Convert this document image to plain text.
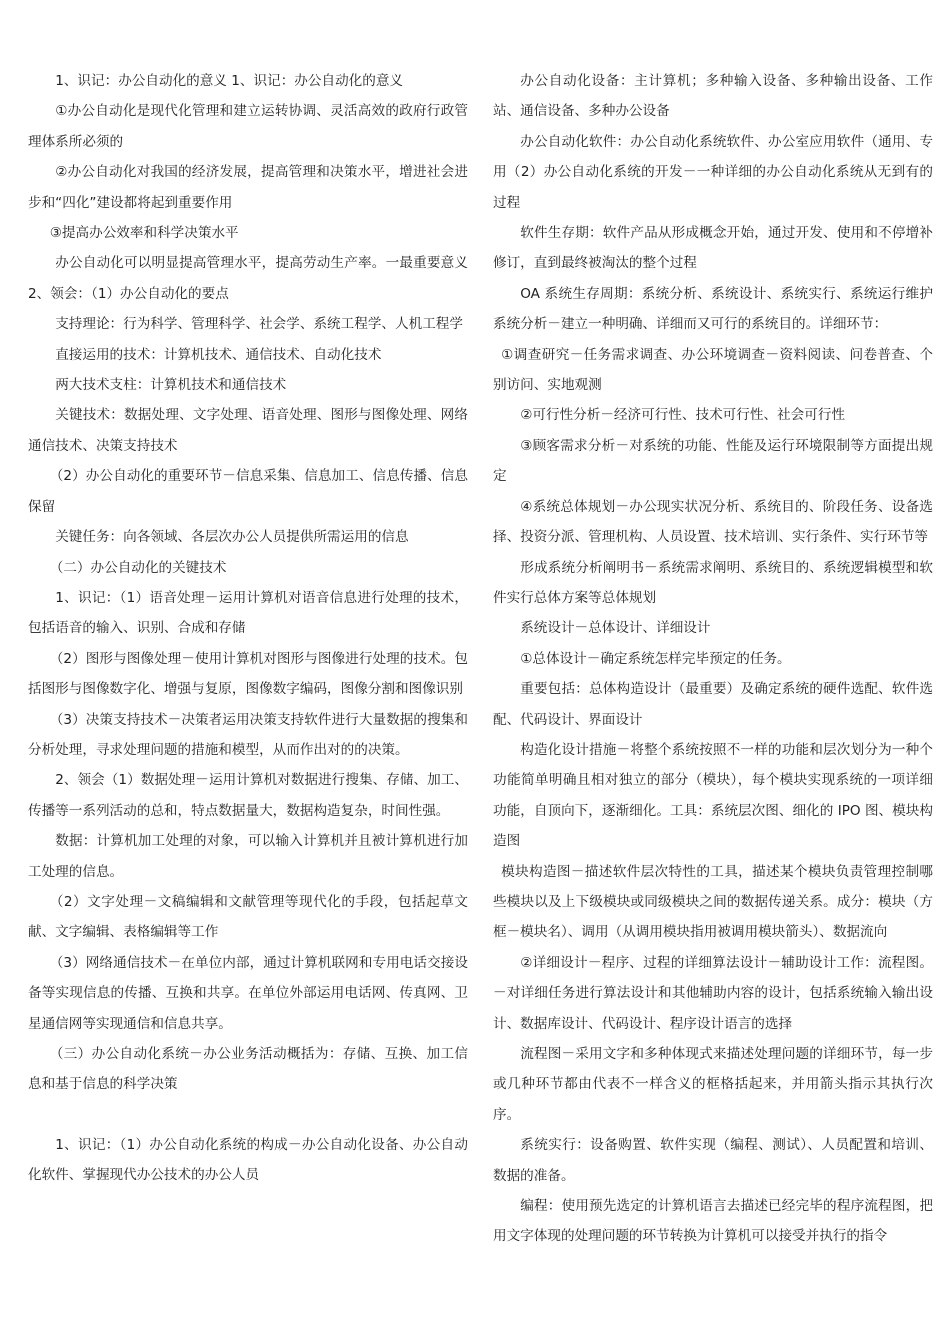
1、识记：办公自动化的意义 1、识记：办公自动化的意义

①办公自动化是现代化管理和建立运转协调、灵活高效的政府行政管理体系所必须的

②办公自动化对我国的经济发展，提高管理和决策水平，增进社会进步和“四化”建设都将起到重要作用

③提高办公效率和科学决策水平

办公自动化可以明显提高管理水平，提高劳动生产率。一最重要意义 2、领会：（1）办公自动化的要点

支持理论：行为科学、管理科学、社会学、系统工程学、人机工程学

直接运用的技术：计算机技术、通信技术、自动化技术

两大技术支柱：计算机技术和通信技术

关键技术：数据处理、文字处理、语音处理、图形与图像处理、网络通信技术、决策支持技术

（2）办公自动化的重要环节－信息采集、信息加工、信息传播、信息保留

关键任务：向各领域、各层次办公人员提供所需运用的信息

（二）办公自动化的关键技术

1、识记：（1）语音处理－运用计算机对语音信息进行处理的技术，包括语音的输入、识别、合成和存储

（2）图形与图像处理－使用计算机对图形与图像进行处理的技术。包括图形与图像数字化、增强与复原，图像数字编码，图像分割和图像识别

（3）决策支持技术－决策者运用决策支持软件进行大量数据的搜集和分析处理，寻求处理问题的措施和模型，从而作出对的的决策。

2、领会（1）数据处理－运用计算机对数据进行搜集、存储、加工、传播等一系列活动的总和，特点数据量大，数据构造复杂，时间性强。

数据：计算机加工处理的对象，可以输入计算机并且被计算机进行加工处理的信息。

（2）文字处理－文稿编辑和文献管理等现代化的手段，包括起草文献、文字编辑、表格编辑等工作

（3）网络通信技术－在单位内部，通过计算机联网和专用电话交接设备等实现信息的传播、互换和共享。在单位外部运用电话网、传真网、卫星通信网等实现通信和信息共享。

（三）办公自动化系统－办公业务活动概括为：存储、互换、加工信息和基于信息的科学决策

1、识记：（1）办公自动化系统的构成－办公自动化设备、办公自动化软件、掌握现代办公技术的办公人员

办公自动化设备：主计算机；多种输入设备、多种输出设备、工作站、通信设备、多种办公设备

办公自动化软件：办公自动化系统软件、办公室应用软件（通用、专用（2）办公自动化系统的开发－一种详细的办公自动化系统从无到有的过程

软件生存期：软件产品从形成概念开始，通过开发、使用和不停增补修订，直到最终被淘汰的整个过程

OA 系统生存周期：系统分析、系统设计、系统实行、系统运行维护系统分析－建立一种明确、详细而又可行的系统目的。详细环节：

①调查研究－任务需求调查、办公环境调查－资料阅读、问卷普查、个别访问、实地观测

②可行性分析－经济可行性、技术可行性、社会可行性

③顾客需求分析－对系统的功能、性能及运行环境限制等方面提出规定

④系统总体规划－办公现实状况分析、系统目的、阶段任务、设备选择、投资分派、管理机构、人员设置、技术培训、实行条件、实行环节等

形成系统分析阐明书－系统需求阐明、系统目的、系统逻辑模型和软件实行总体方案等总体规划

系统设计－总体设计、详细设计

①总体设计－确定系统怎样完毕预定的任务。

重要包括：总体构造设计（最重要）及确定系统的硬件选配、软件选配、代码设计、界面设计

构造化设计措施－将整个系统按照不一样的功能和层次划分为一种个功能简单明确且相对独立的部分（模块），每个模块实现系统的一项详细功能，自顶向下，逐渐细化。工具：系统层次图、细化的 IPO 图、模块构造图

模块构造图－描述软件层次特性的工具，描述某个模块负责管理控制哪些模块以及上下级模块或同级模块之间的数据传递关系。成分：模块（方框－模块名）、调用（从调用模块指用被调用模块箭头）、数据流向

②详细设计－程序、过程的详细算法设计－辅助设计工作：流程图。－对详细任务进行算法设计和其他辅助内容的设计，包括系统输入输出设计、数据库设计、代码设计、程序设计语言的选择

流程图－采用文字和多种体现式来描述处理问题的详细环节，每一步或几种环节都由代表不一样含义的框格括起来，并用箭头指示其执行次序。

系统实行：设备购置、软件实现（编程、测试）、人员配置和培训、数据的准备。

编程：使用预先选定的计算机语言去描述已经完毕的程序流程图，把用文字体现的处理问题的环节转换为计算机可以接受并执行的指令
